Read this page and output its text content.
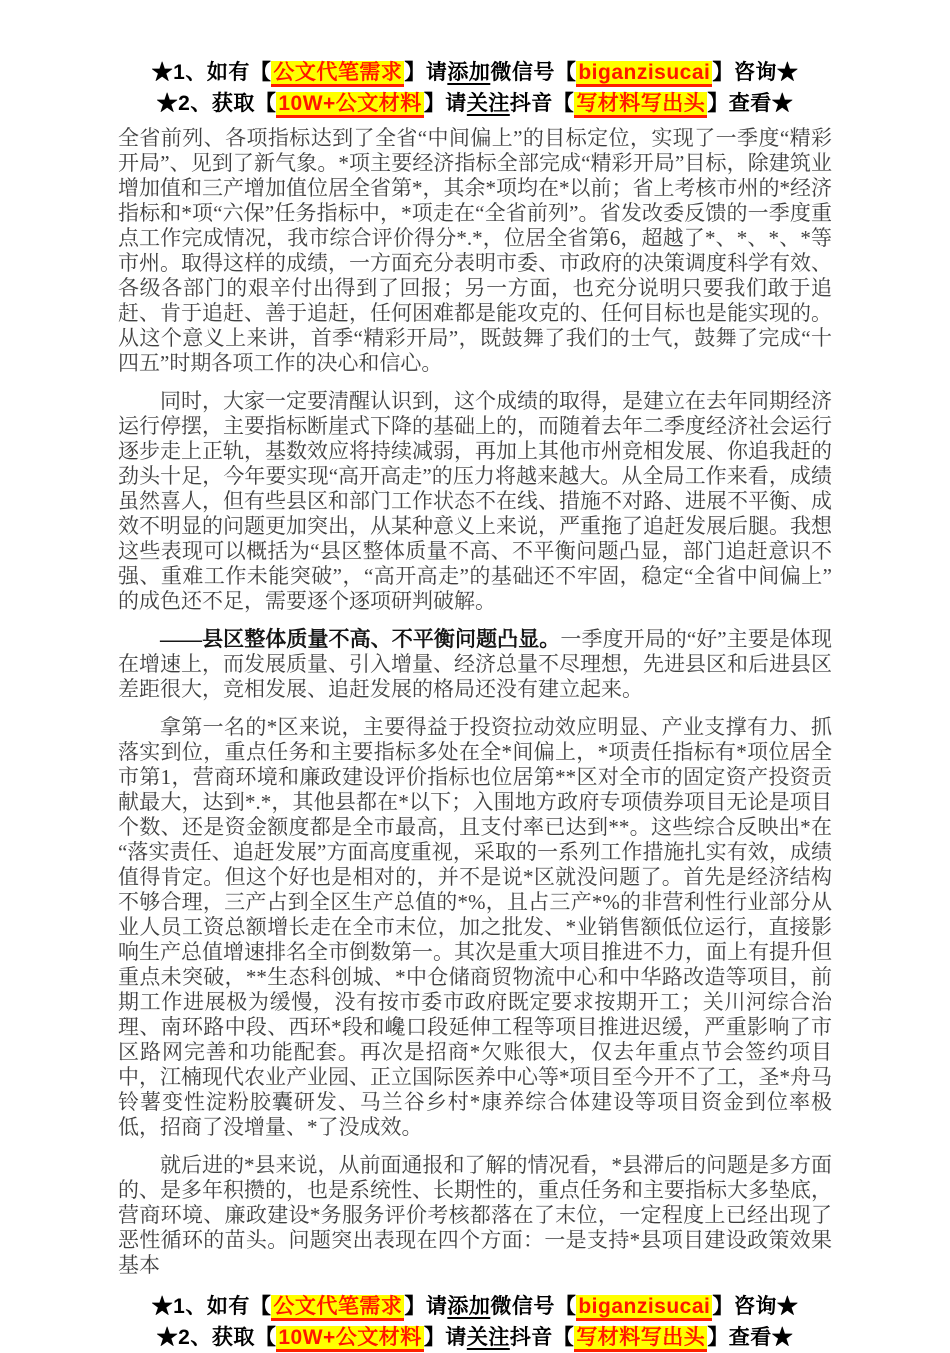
★1、如有【公文代笔需求】请添加微信号【biganzisucai】咨询★
★2、获取【10W+公文材料】请关注抖音【写材料写出头】查看★

全省前列、各项指标达到了全省“中间偏上”的目标定位，实现了一季度“精彩开局”、见到了新气象。*项主要经济指标全部完成“精彩开局”目标，除建筑业增加值和三产增加值位居全省第*，其余*项均在*以前；省上考核市州的*经济指标和*项“六保”任务指标中，*项走在“全省前列”。省发改委反馈的一季度重点工作完成情况，我市综合评价得分*.*，位居全省第6，超越了*、*、*、*等市州。取得这样的成绩，一方面充分表明市委、市政府的决策调度科学有效、各级各部门的艰辛付出得到了回报；另一方面，也充分说明只要我们敢于追赶、肯于追赶、善于追赶，任何困难都是能攻克的、任何目标也是能实现的。从这个意义上来讲，首季“精彩开局”，既鼓舞了我们的士气，鼓舞了完成“十四五”时期各项工作的决心和信心。

同时，大家一定要清醒认识到，这个成绩的取得，是建立在去年同期经济运行停摆，主要指标断崖式下降的基础上的，而随着去年二季度经济社会运行逐步走上正轨，基数效应将持续减弱，再加上其他市州竞相发展、你追我赶的劲头十足，今年要实现“高开高走”的压力将越来越大。从全局工作来看，成绩虽然喜人，但有些县区和部门工作状态不在线、措施不对路、进展不平衡、成效不明显的问题更加突出，从某种意义上来说，严重拖了追赶发展后腿。我想这些表现可以概括为“县区整体质量不高、不平衡问题凸显，部门追赶意识不强、重难工作未能突破”，“高开高走”的基础还不牢固，稳定“全省中间偏上”的成色还不足，需要逐个逐项研判破解。

——县区整体质量不高、不平衡问题凸显。一季度开局的“好”主要是体现在增速上，而发展质量、引入增量、经济总量不尽理想，先进县区和后进县区差距很大，竞相发展、追赶发展的格局还没有建立起来。

拿第一名的*区来说，主要得益于投资拉动效应明显、产业支撑有力、抓落实到位，重点任务和主要指标多处在全*间偏上，*项责任指标有*项位居全市第1，营商环境和廉政建设评价指标也位居第**区对全市的固定资产投资贡献最大，达到*.*，其他县都在*以下；入围地方政府专项债券项目无论是项目个数、还是资金额度都是全市最高，且支付率已达到**。这些综合反映出*在“落实责任、追赶发展”方面高度重视，采取的一系列工作措施扎实有效，成绩值得肯定。但这个好也是相对的，并不是说*区就没问题了。首先是经济结构不够合理，三产占到全区生产总值的*%，且占三产*%的非营利性行业部分从业人员工资总额增长走在全市末位，加之批发、*业销售额低位运行，直接影响生产总值增速排名全市倒数第一。其次是重大项目推进不力，面上有提升但重点未突破，**生态科创城、*中仓储商贸物流中心和中华路改造等项目，前期工作进展极为缓慢，没有按市委市政府既定要求按期开工；关川河综合治理、南环路中段、西环*段和巉口段延伸工程等项目推进迟缓，严重影响了市区路网完善和功能配套。再次是招商*欠账很大，仅去年重点节会签约项目中，江楠现代农业产业园、正立国际医养中心等*项目至今开不了工，圣*舟马铃薯变性淀粉胶囊研发、马兰谷乡村*康养综合体建设等项目资金到位率极低，招商了没增量、*了没成效。

就后进的*县来说，从前面通报和了解的情况看，*县滞后的问题是多方面的、是多年积攒的，也是系统性、长期性的，重点任务和主要指标大多垫底，营商环境、廉政建设*务服务评价考核都落在了末位，一定程度上已经出现了恶性循环的苗头。问题突出表现在四个方面：一是支持*县项目建设政策效果基本

★1、如有【公文代笔需求】请添加微信号【biganzisucai】咨询★
★2、获取【10W+公文材料】请关注抖音【写材料写出头】查看★
